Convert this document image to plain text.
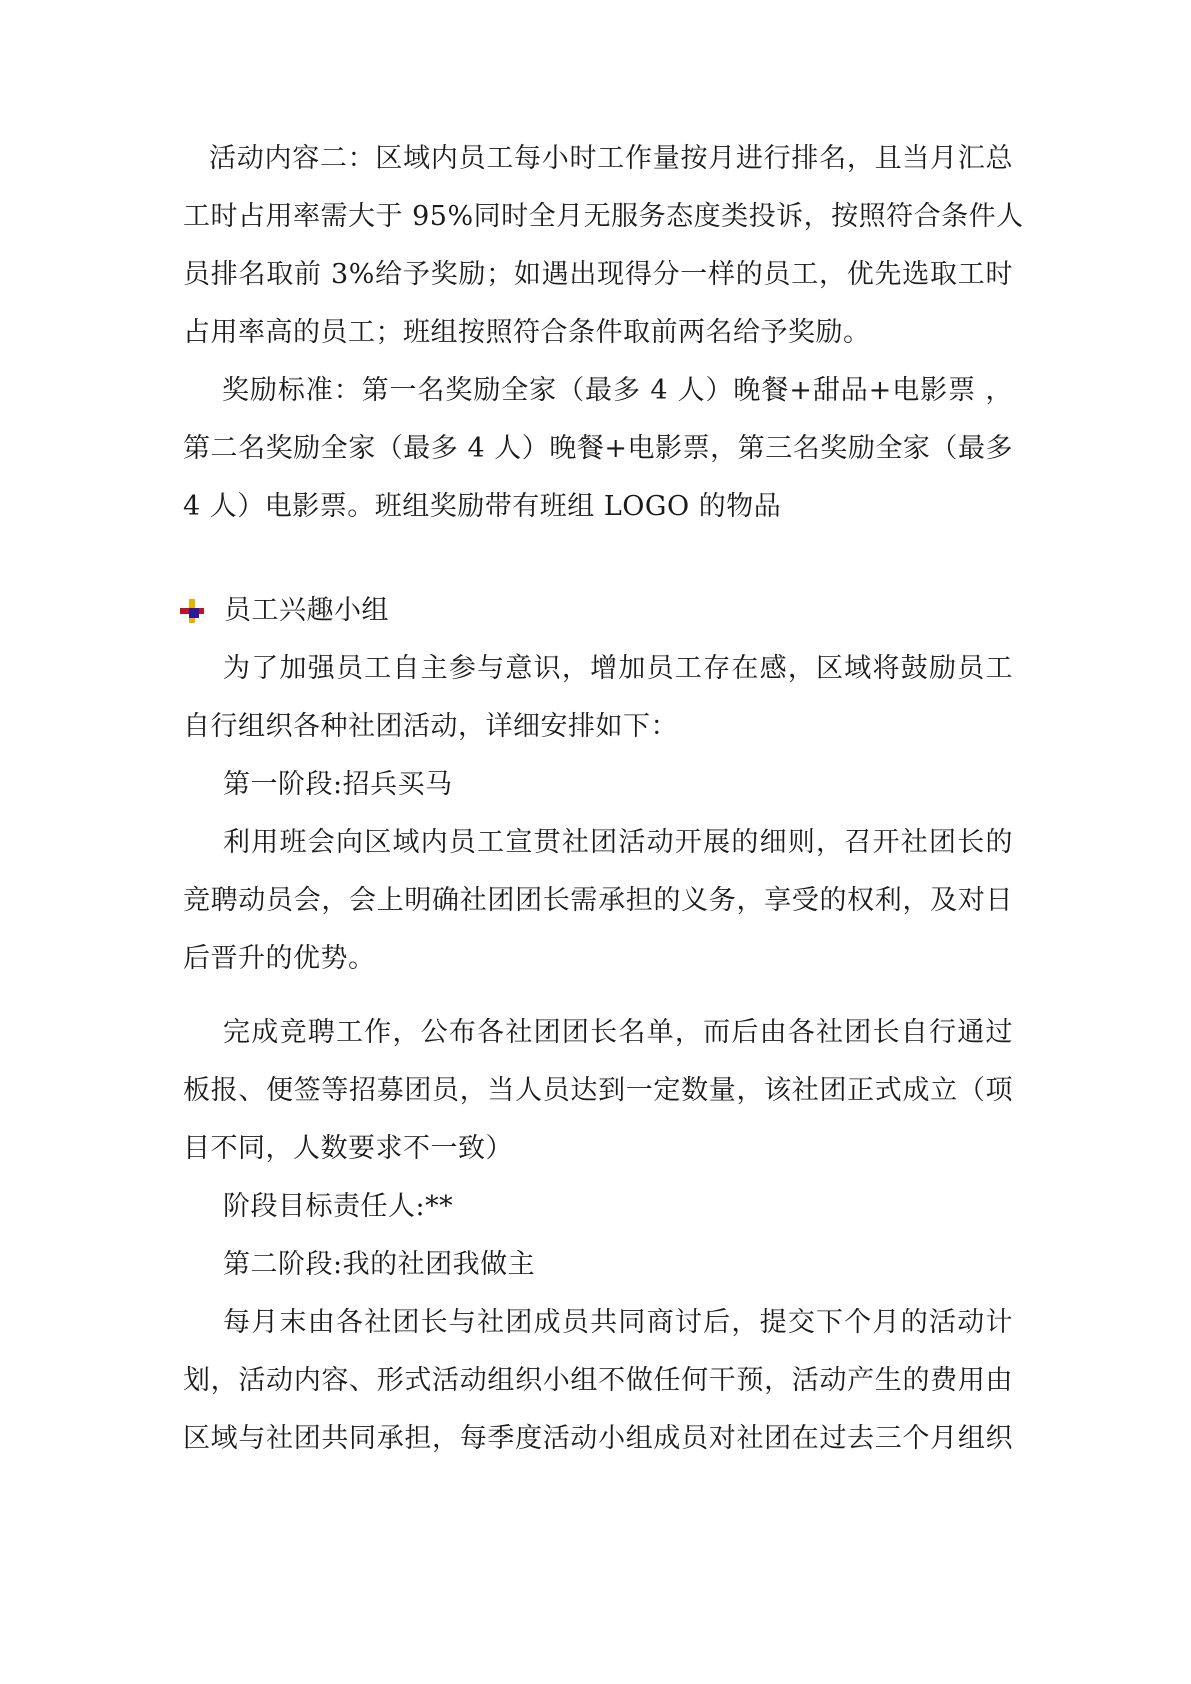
活动内容二：区域内员工每小时工作量按月进行排名，且当月汇总
工时占用率需大于 95%同时全月无服务态度类投诉，按照符合条件人
员排名取前 3%给予奖励；如遇出现得分一样的员工，优先选取工时
占用率高的员工；班组按照符合条件取前两名给予奖励。
奖励标准：第一名奖励全家（最多 4 人）晚餐+甜品+电影票 ，
第二名奖励全家（最多 4 人）晚餐+电影票，第三名奖励全家（最多
4 人）电影票。班组奖励带有班组 LOGO 的物品
员工兴趣小组
为了加强员工自主参与意识，增加员工存在感，区域将鼓励员工
自行组织各种社团活动，详细安排如下：
第一阶段:招兵买马
利用班会向区域内员工宣贯社团活动开展的细则，召开社团长的
竞聘动员会，会上明确社团团长需承担的义务，享受的权利，及对日
后晋升的优势。
完成竞聘工作，公布各社团团长名单，而后由各社团长自行通过
板报、便签等招募团员，当人员达到一定数量，该社团正式成立（项
目不同，人数要求不一致）
阶段目标责任人:**
第二阶段:我的社团我做主
每月末由各社团长与社团成员共同商讨后，提交下个月的活动计
划，活动内容、形式活动组织小组不做任何干预，活动产生的费用由
区域与社团共同承担，每季度活动小组成员对社团在过去三个月组织
